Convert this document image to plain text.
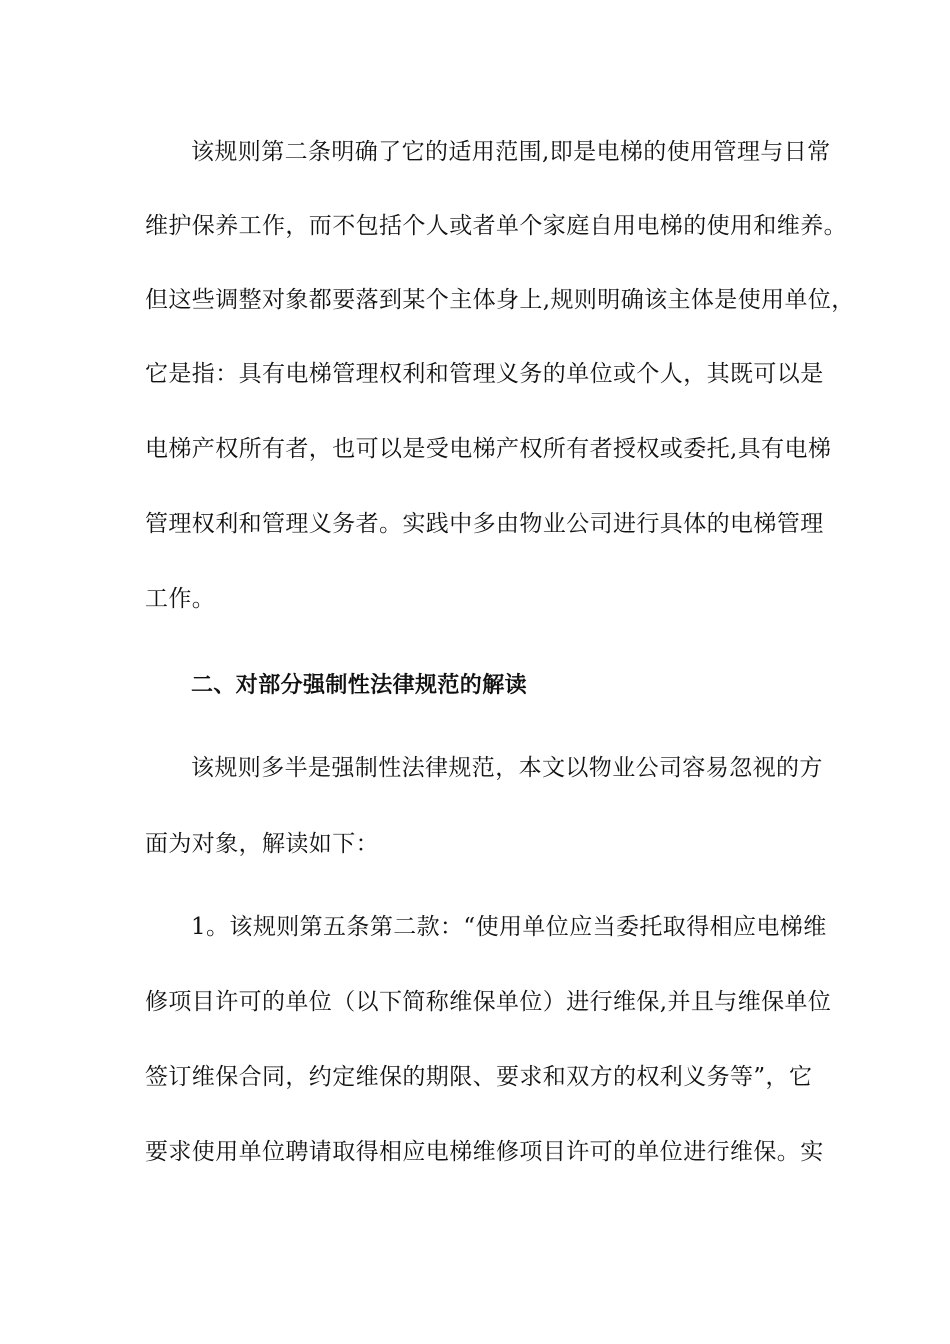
该规则第二条明确了它的适用范围,即是电梯的使用管理与日常
维护保养工作，而不包括个人或者单个家庭自用电梯的使用和维养。
但这些调整对象都要落到某个主体身上,规则明确该主体是使用单位，
它是指：具有电梯管理权利和管理义务的单位或个人，其既可以是
电梯产权所有者，也可以是受电梯产权所有者授权或委托,具有电梯
管理权利和管理义务者。实践中多由物业公司进行具体的电梯管理
工作。
二、对部分强制性法律规范的解读
该规则多半是强制性法律规范，本文以物业公司容易忽视的方
面为对象，解读如下：
1。该规则第五条第二款：“使用单位应当委托取得相应电梯维
修项目许可的单位（以下简称维保单位）进行维保,并且与维保单位
签订维保合同，约定维保的期限、要求和双方的权利义务等”，它
要求使用单位聘请取得相应电梯维修项目许可的单位进行维保。实
